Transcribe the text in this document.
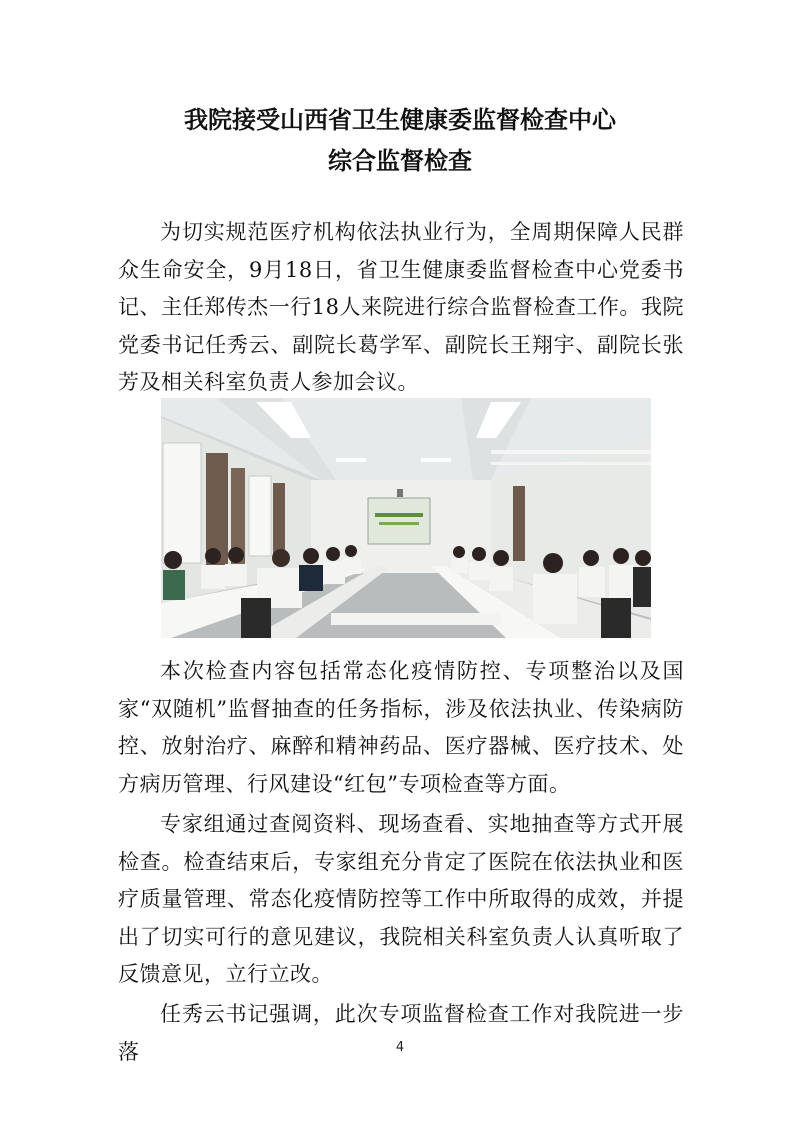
我院接受山西省卫生健康委监督检查中心
综合监督检查

为切实规范医疗机构依法执业行为，全周期保障人民群众生命安全，9月18日，省卫生健康委监督检查中心党委书记、主任郑传杰一行18人来院进行综合监督检查工作。我院党委书记任秀云、副院长葛学军、副院长王翔宇、副院长张芳及相关科室负责人参加会议。

本次检查内容包括常态化疫情防控、专项整治以及国家“双随机”监督抽查的任务指标，涉及依法执业、传染病防控、放射治疗、麻醉和精神药品、医疗器械、医疗技术、处方病历管理、行风建设“红包”专项检查等方面。

专家组通过查阅资料、现场查看、实地抽查等方式开展检查。检查结束后，专家组充分肯定了医院在依法执业和医疗质量管理、常态化疫情防控等工作中所取得的成效，并提出了切实可行的意见建议，我院相关科室负责人认真听取了反馈意见，立行立改。

任秀云书记强调，此次专项监督检查工作对我院进一步落	4
